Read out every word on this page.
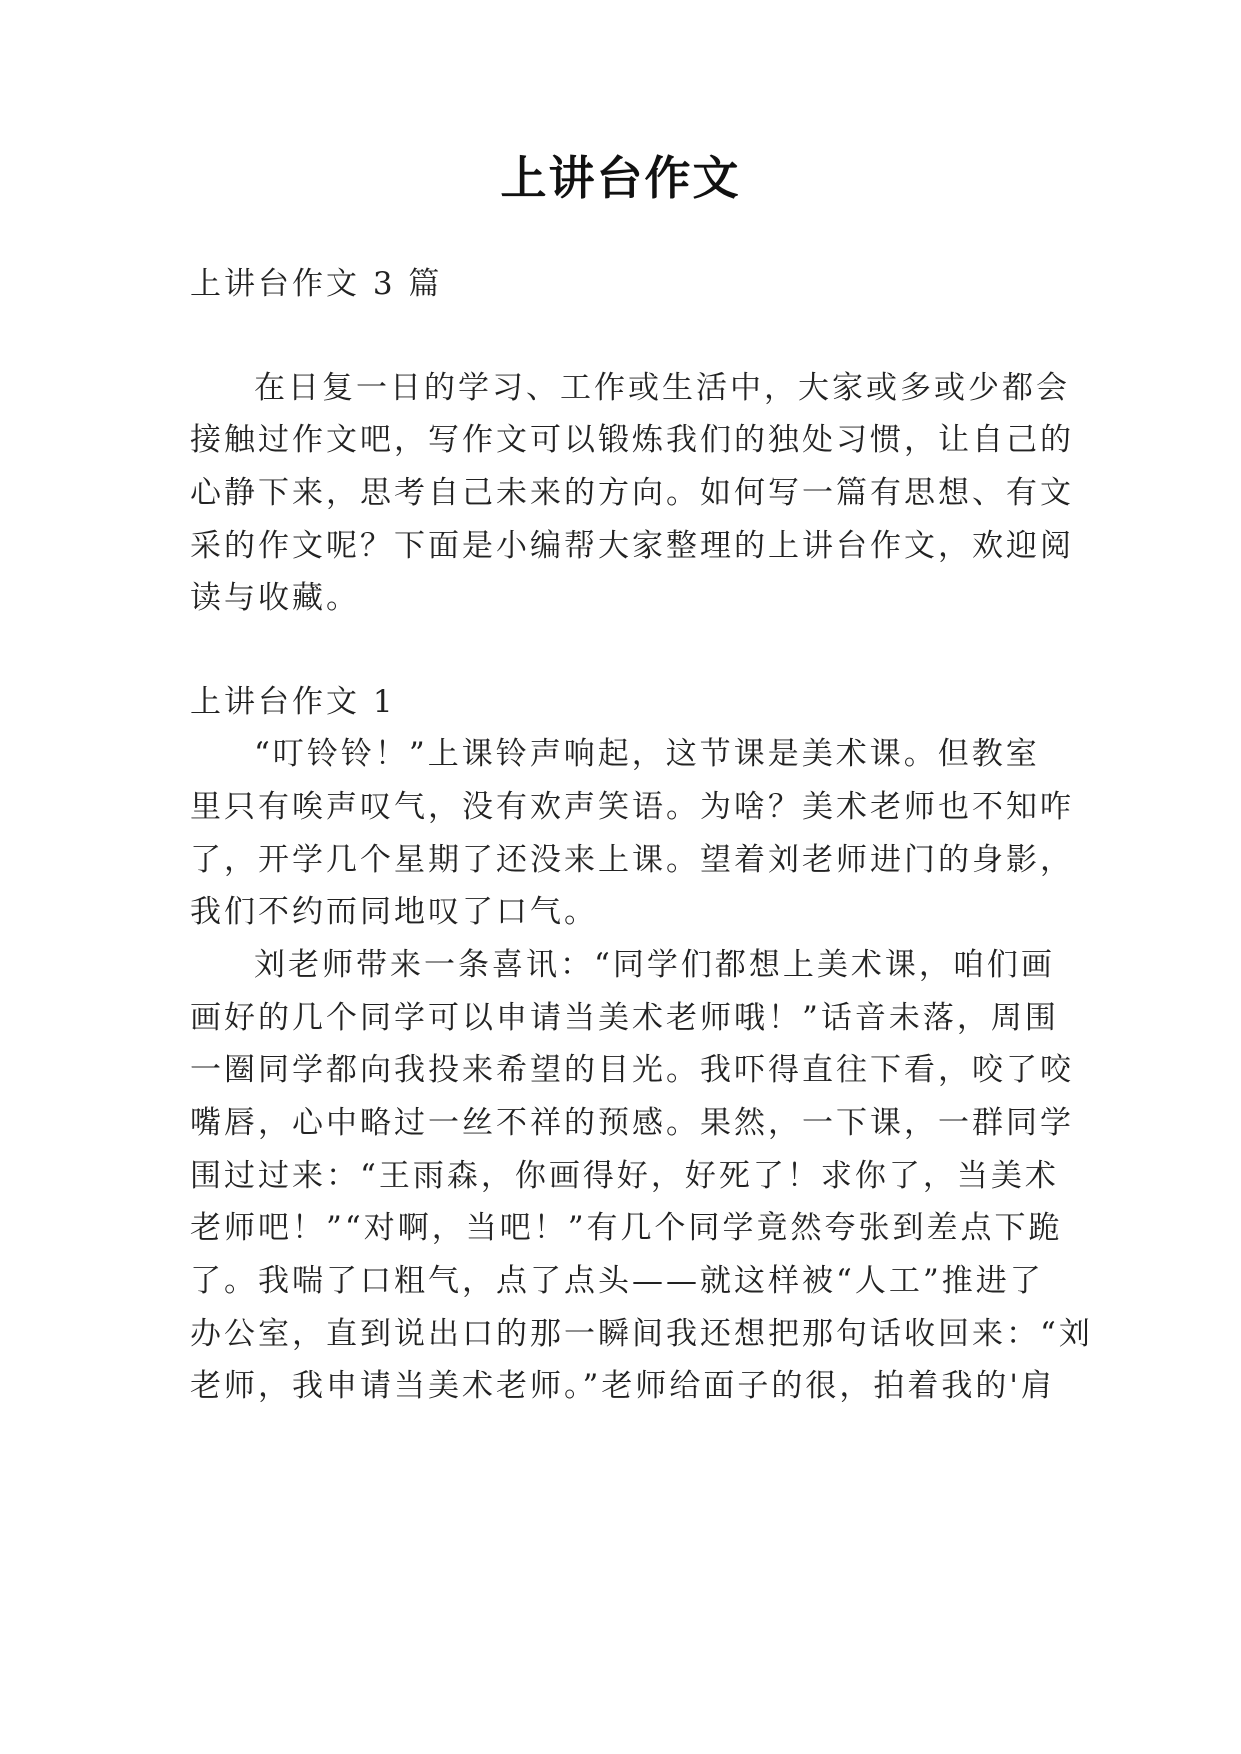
上讲台作文
上讲台作文 3 篇
在日复一日的学习、工作或生活中，大家或多或少都会
接触过作文吧，写作文可以锻炼我们的独处习惯，让自己的
心静下来，思考自己未来的方向。如何写一篇有思想、有文
采的作文呢？下面是小编帮大家整理的上讲台作文，欢迎阅
读与收藏。
上讲台作文 1
“叮铃铃！”上课铃声响起，这节课是美术课。但教室
里只有唉声叹气，没有欢声笑语。为啥？美术老师也不知咋
了，开学几个星期了还没来上课。望着刘老师进门的身影，
我们不约而同地叹了口气。
刘老师带来一条喜讯：“同学们都想上美术课，咱们画
画好的几个同学可以申请当美术老师哦！”话音未落，周围
一圈同学都向我投来希望的目光。我吓得直往下看，咬了咬
嘴唇，心中略过一丝不祥的预感。果然，一下课，一群同学
围过过来：“王雨森，你画得好，好死了！求你了，当美术
老师吧！”“对啊，当吧！”有几个同学竟然夸张到差点下跪
了。我喘了口粗气，点了点头——就这样被“人工”推进了
办公室，直到说出口的那一瞬间我还想把那句话收回来：“刘
老师，我申请当美术老师。”老师给面子的很，拍着我的'肩
